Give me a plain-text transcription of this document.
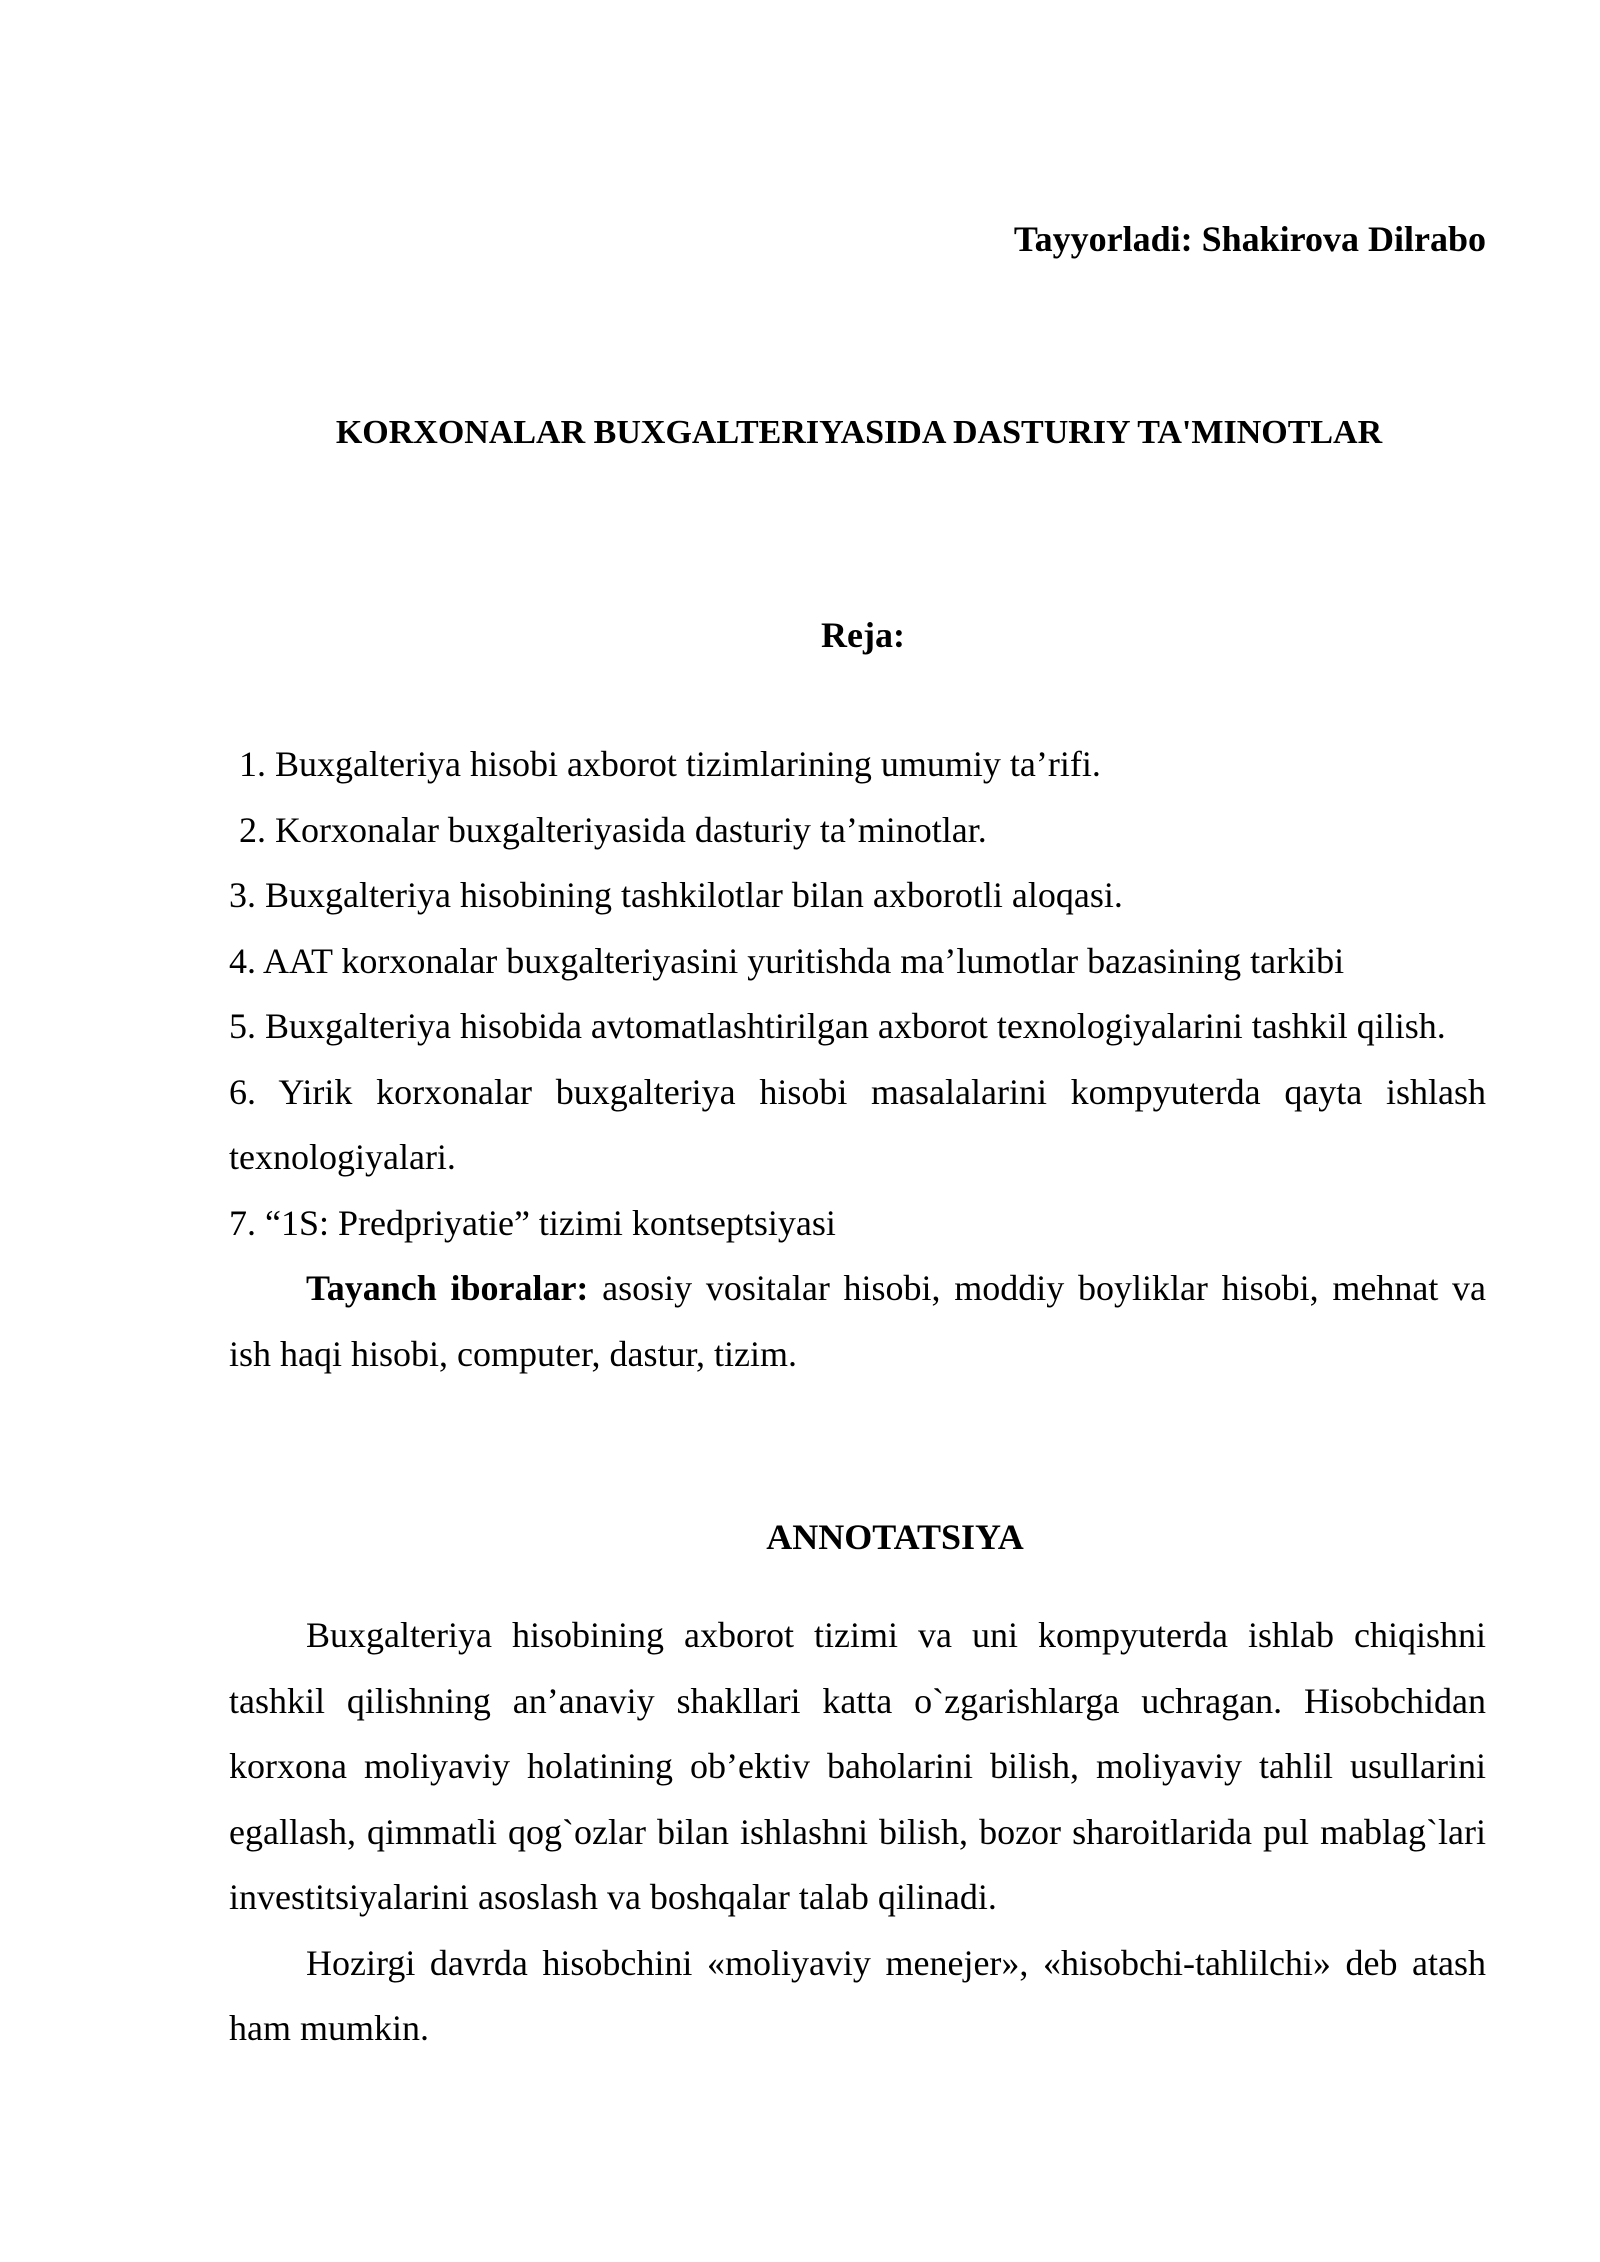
Tayyorladi: Shakirova Dilrabo
KORXONALAR BUXGALTERIYASIDA DASTURIY TA'MINOTLAR
Reja:
1. Buxgalteriya hisobi axborot tizimlarining umumiy ta’rifi.
2. Korxonalar buxgalteriyasida dasturiy ta’minotlar.
3. Buxgalteriya hisobining tashkilotlar bilan axborotli aloqasi.
4. AAT korxonalar buxgalteriyasini yuritishda ma’lumotlar bazasining tarkibi
5. Buxgalteriya hisobida avtomatlashtirilgan axborot texnologiyalarini tashkil qilish.
6. Yirik korxonalar buxgalteriya hisobi masalalarini kompyuterda qayta ishlash texnologiyalari.
7. “1S: Predpriyatie” tizimi kontseptsiyasi

Tayanch iboralar: asosiy vositalar hisobi, moddiy boyliklar hisobi, mehnat va ish haqi hisobi, computer, dastur, tizim.

ANNOTATSIYA

Buxgalteriya hisobining axborot tizimi va uni kompyuterda ishlab chiqishni tashkil qilishning an’anaviy shakllari katta o`zgarishlarga uchragan. Hisobchidan korxona moliyaviy holatining ob’ektiv baholarini bilish, moliyaviy tahlil usullarini egallash, qimmatli qog`ozlar bilan ishlashni bilish, bozor sharoitlarida pul mablag`lari investitsiyalarini asoslash va boshqalar talab qilinadi.

Hozirgi davrda hisobchini «moliyaviy menejer», «hisobchi-tahlilchi» deb atash ham mumkin.
